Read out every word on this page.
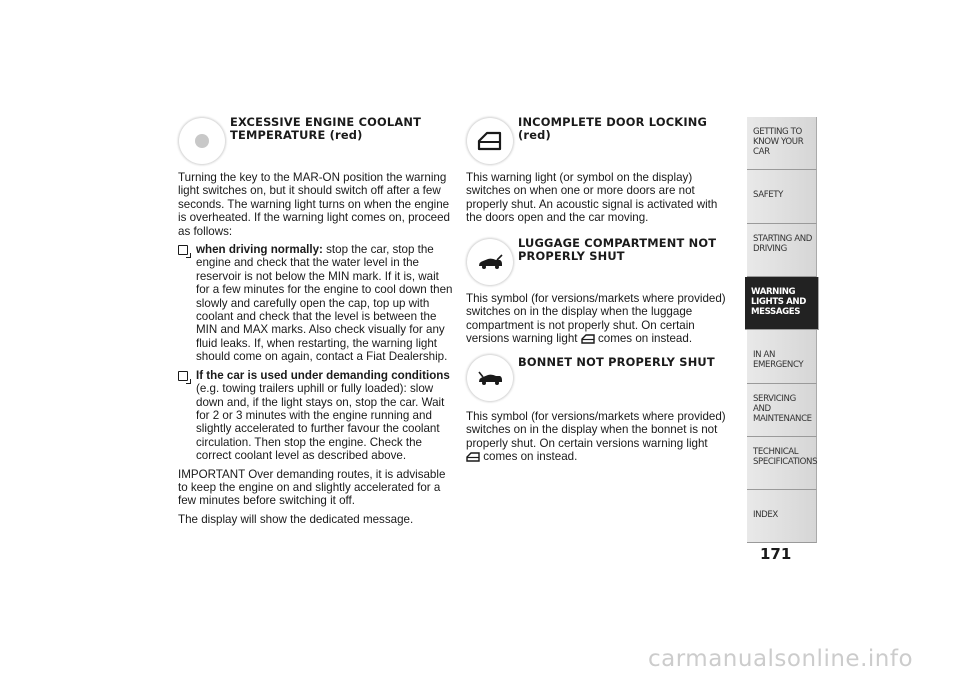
EXCESSIVE ENGINE COOLANT TEMPERATURE (red)

Turning the key to the MAR-ON position the warning light switches on, but it should switch off after a few seconds. The warning light turns on when the engine is overheated. If the warning light comes on, proceed as follows:

when driving normally: stop the car, stop the engine and check that the water level in the reservoir is not below the MIN mark. If it is, wait for a few minutes for the engine to cool down then slowly and carefully open the cap, top up with coolant and check that the level is between the MIN and MAX marks. Also check visually for any fluid leaks. If, when restarting, the warning light should come on again, contact a Fiat Dealership.

If the car is used under demanding conditions (e.g. towing trailers uphill or fully loaded): slow down and, if the light stays on, stop the car. Wait for 2 or 3 minutes with the engine running and slightly accelerated to further favour the coolant circulation. Then stop the engine. Check the correct coolant level as described above.

IMPORTANT Over demanding routes, it is advisable to keep the engine on and slightly accelerated for a few minutes before switching it off.

The display will show the dedicated message.

INCOMPLETE DOOR LOCKING (red)
This warning light (or symbol on the display) switches on when one or more doors are not properly shut. An acoustic signal is activated with the doors open and the car moving.
LUGGAGE COMPARTMENT NOT PROPERLY SHUT
This symbol (for versions/markets where provided) switches on in the display when the luggage compartment is not properly shut. On certain versions warning light comes on instead.
BONNET NOT PROPERLY SHUT
This symbol (for versions/markets where provided) switches on in the display when the bonnet is not properly shut. On certain versions warning light
comes on instead.
GETTING TO KNOW YOUR CAR
SAFETY
STARTING AND DRIVING
WARNING LIGHTS AND MESSAGES
IN AN EMERGENCY
SERVICING AND MAINTENANCE
TECHNICAL SPECIFICATIONS
INDEX
171
carmanualsonline.info
